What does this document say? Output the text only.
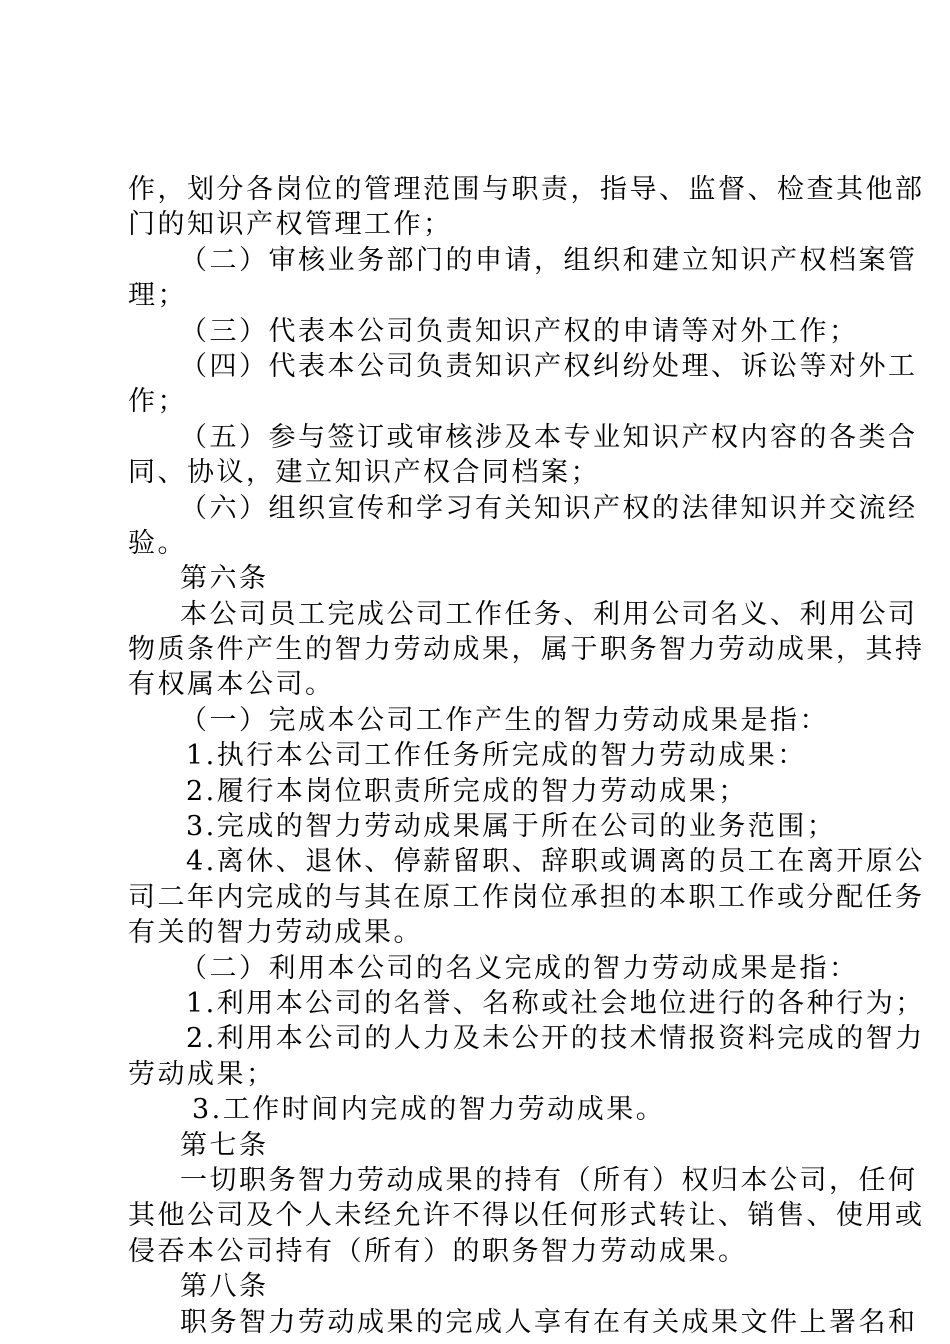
作，划分各岗位的管理范围与职责，指导、监督、检查其他部
门的知识产权管理工作；
（二）审核业务部门的申请，组织和建立知识产权档案管
理；
（三）代表本公司负责知识产权的申请等对外工作；
（四）代表本公司负责知识产权纠纷处理、诉讼等对外工
作；
（五）参与签订或审核涉及本专业知识产权内容的各类合
同、协议，建立知识产权合同档案；
（六）组织宣传和学习有关知识产权的法律知识并交流经
验。
第六条
本公司员工完成公司工作任务、利用公司名义、利用公司
物质条件产生的智力劳动成果，属于职务智力劳动成果，其持
有权属本公司。
（一）完成本公司工作产生的智力劳动成果是指：
1.执行本公司工作任务所完成的智力劳动成果：
2.履行本岗位职责所完成的智力劳动成果；
3.完成的智力劳动成果属于所在公司的业务范围；
4.离休、退休、停薪留职、辞职或调离的员工在离开原公
司二年内完成的与其在原工作岗位承担的本职工作或分配任务
有关的智力劳动成果。
（二）利用本公司的名义完成的智力劳动成果是指：
1.利用本公司的名誉、名称或社会地位进行的各种行为；
2.利用本公司的人力及未公开的技术情报资料完成的智力
劳动成果；
3.工作时间内完成的智力劳动成果。
第七条
一切职务智力劳动成果的持有（所有）权归本公司，任何
其他公司及个人未经允许不得以任何形式转让、销售、使用或
侵吞本公司持有（所有）的职务智力劳动成果。
第八条
职务智力劳动成果的完成人享有在有关成果文件上署名和
